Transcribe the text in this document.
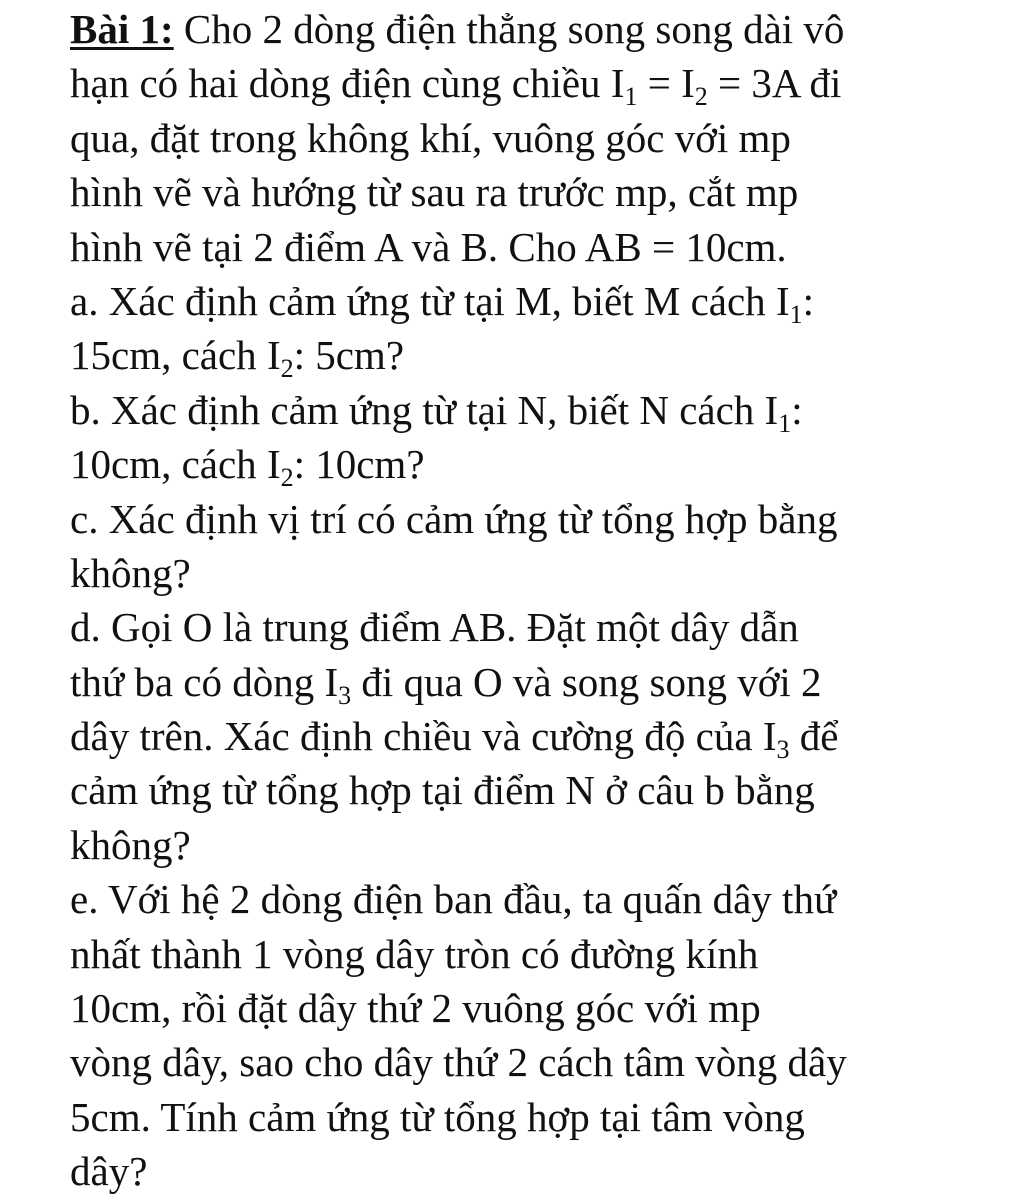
Bài 1: Cho 2 dòng điện thẳng song song dài vô
hạn có hai dòng điện cùng chiều $I_1 = I_2 = 3A$ đi
qua, đặt trong không khí, vuông góc với mp
hình vẽ và hướng từ sau ra trước mp, cắt mp
hình vẽ tại 2 điểm A và B. Cho AB = 10cm.
a. Xác định cảm ứng từ tại M, biết M cách $I_1$:
15cm, cách $I_2$: 5cm?
b. Xác định cảm ứng từ tại N, biết N cách $I_1$:
10cm, cách $I_2$: 10cm?
c. Xác định vị trí có cảm ứng từ tổng hợp bằng
không?
d. Gọi O là trung điểm AB. Đặt một dây dẫn
thứ ba có dòng $I_3$ đi qua O và song song với 2
dây trên. Xác định chiều và cường độ của $I_3$ để
cảm ứng từ tổng hợp tại điểm N ở câu b bằng
không?
e. Với hệ 2 dòng điện ban đầu, ta quấn dây thứ
nhất thành 1 vòng dây tròn có đường kính
10cm, rồi đặt dây thứ 2 vuông góc với mp
vòng dây, sao cho dây thứ 2 cách tâm vòng dây
5cm. Tính cảm ứng từ tổng hợp tại tâm vòng
dây?
